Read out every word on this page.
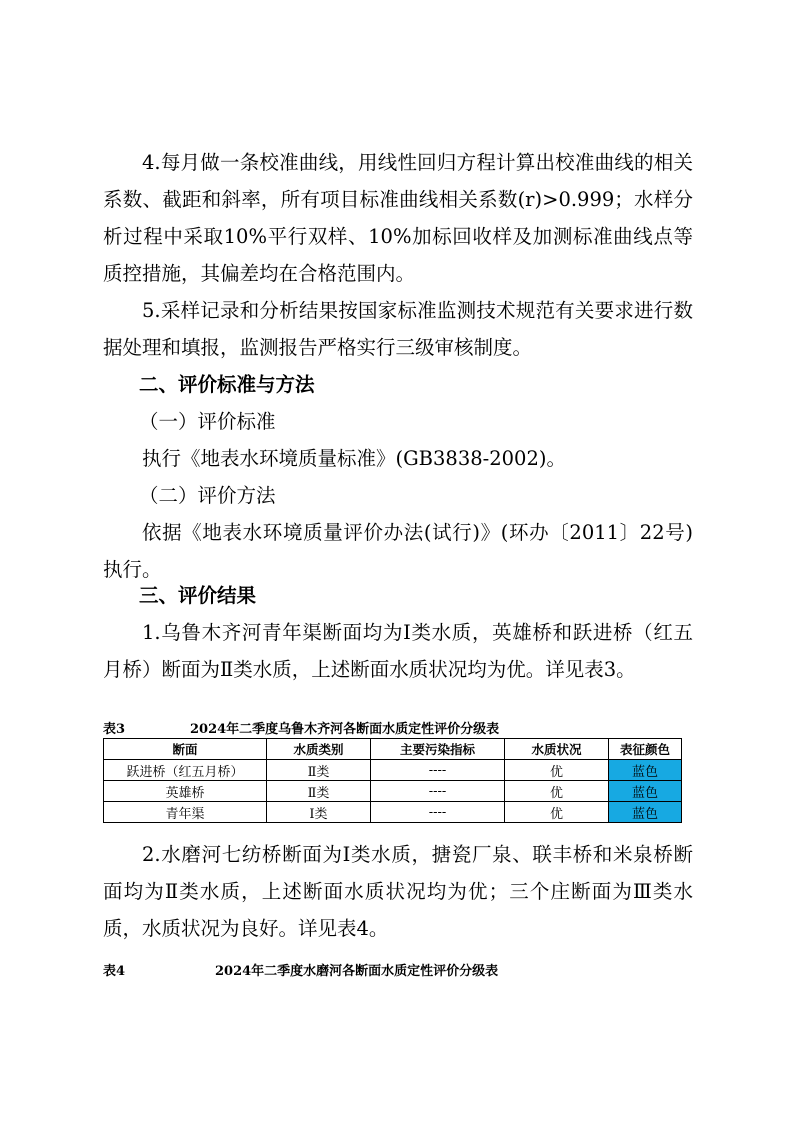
4.每月做一条校准曲线，用线性回归方程计算出校准曲线的相关系数、截距和斜率，所有项目标准曲线相关系数(r)>0.999；水样分析过程中采取10%平行双样、10%加标回收样及加测标准曲线点等质控措施，其偏差均在合格范围内。

5.采样记录和分析结果按国家标准监测技术规范有关要求进行数据处理和填报，监测报告严格实行三级审核制度。

二、评价标准与方法

（一）评价标准

执行《地表水环境质量标准》(GB3838-2002)。

（二）评价方法

依据《地表水环境质量评价办法(试行)》(环办〔2011〕22号)执行。

三、评价结果

1.乌鲁木齐河青年渠断面均为Ⅰ类水质，英雄桥和跃进桥（红五月桥）断面为Ⅱ类水质，上述断面水质状况均为优。详见表3。

表3	2024年二季度乌鲁木齐河各断面水质定性评价分级表
断面	水质类别	主要污染指标	水质状况	表征颜色
跃进桥（红五月桥）	Ⅱ类	----	优	蓝色
英雄桥	Ⅱ类	----	优	蓝色
青年渠	Ⅰ类	----	优	蓝色

2.水磨河七纺桥断面为Ⅰ类水质，搪瓷厂泉、联丰桥和米泉桥断面均为Ⅱ类水质，上述断面水质状况均为优；三个庄断面为Ⅲ类水质，水质状况为良好。详见表4。

表4	2024年二季度水磨河各断面水质定性评价分级表
